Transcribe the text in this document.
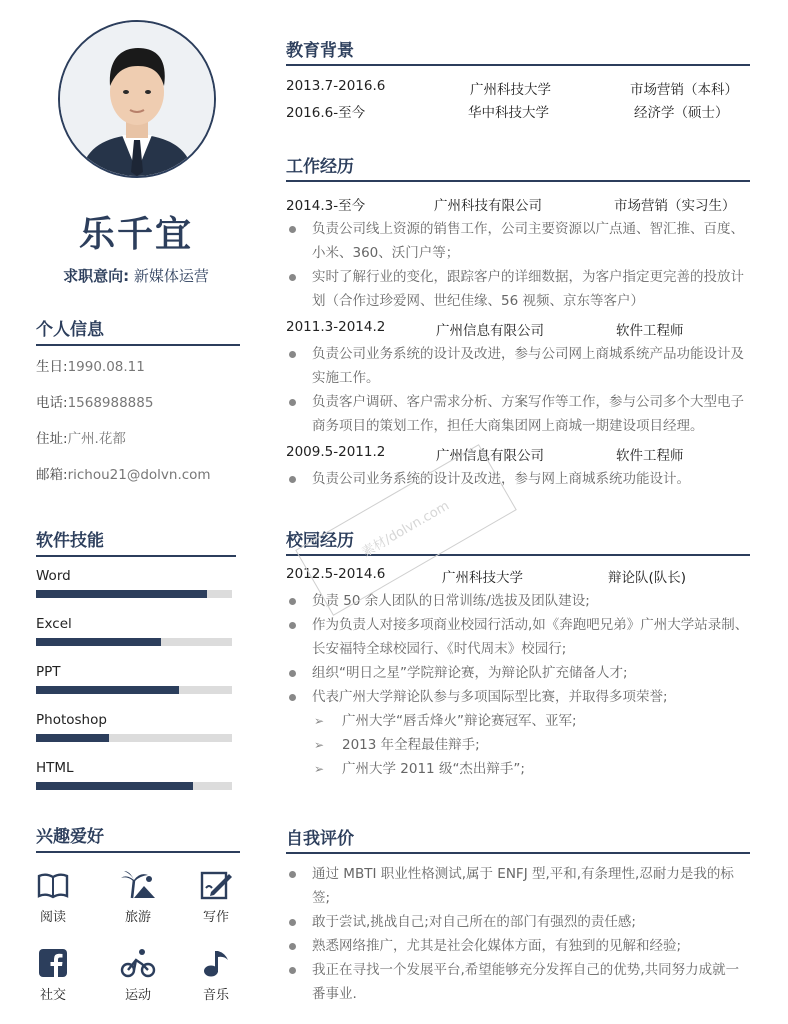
乐千宜
求职意向: 新媒体运营
个人信息
生日:1990.08.11
电话:1568988885
住址:广州.花都
邮箱:richou21@dolvn.com
软件技能
Word
Excel
PPT
Photoshop
HTML
兴趣爱好
阅读	旅游	写作
社交	运动	音乐
教育背景
2013.7-2016.6	广州科技大学	市场营销（本科）
2016.6-至今	华中科技大学	经济学（硕士）
工作经历
2014.3-至今	广州科技有限公司	市场营销（实习生）
负责公司线上资源的销售工作，公司主要资源以广点通、智汇推、百度、小米、360、沃门户等；
实时了解行业的变化，跟踪客户的详细数据，为客户指定更完善的投放计划（合作过珍爱网、世纪佳缘、56 视频、京东等客户）
2011.3-2014.2	广州信息有限公司	软件工程师
负责公司业务系统的设计及改进，参与公司网上商城系统产品功能设计及实施工作。
负责客户调研、客户需求分析、方案写作等工作，参与公司多个大型电子商务项目的策划工作，担任大商集团网上商城一期建设项目经理。
2009.5-2011.2	广州信息有限公司	软件工程师
负责公司业务系统的设计及改进，参与网上商城系统功能设计。
校园经历
2012.5-2014.6	广州科技大学	辩论队(队长)
负责 50 余人团队的日常训练/选拔及团队建设;
作为负责人对接多项商业校园行活动,如《奔跑吧兄弟》广州大学站录制、长安福特全球校园行、《时代周末》校园行;
组织“明日之星”学院辩论赛，为辩论队扩充储备人才;
代表广州大学辩论队参与多项国际型比赛，并取得多项荣誉;
➢ 广州大学“唇舌烽火”辩论赛冠军、亚军;
➢ 2013 年全程最佳辩手;
➢ 广州大学 2011 级“杰出辩手”;
自我评价
通过 MBTI 职业性格测试,属于 ENFJ 型,平和,有条理性,忍耐力是我的标签;
敢于尝试,挑战自己;对自己所在的部门有强烈的责任感;
熟悉网络推广，尤其是社会化媒体方面，有独到的见解和经验;
我正在寻找一个发展平台,希望能够充分发挥自己的优势,共同努力成就一番事业.
素材/dolvn.com
